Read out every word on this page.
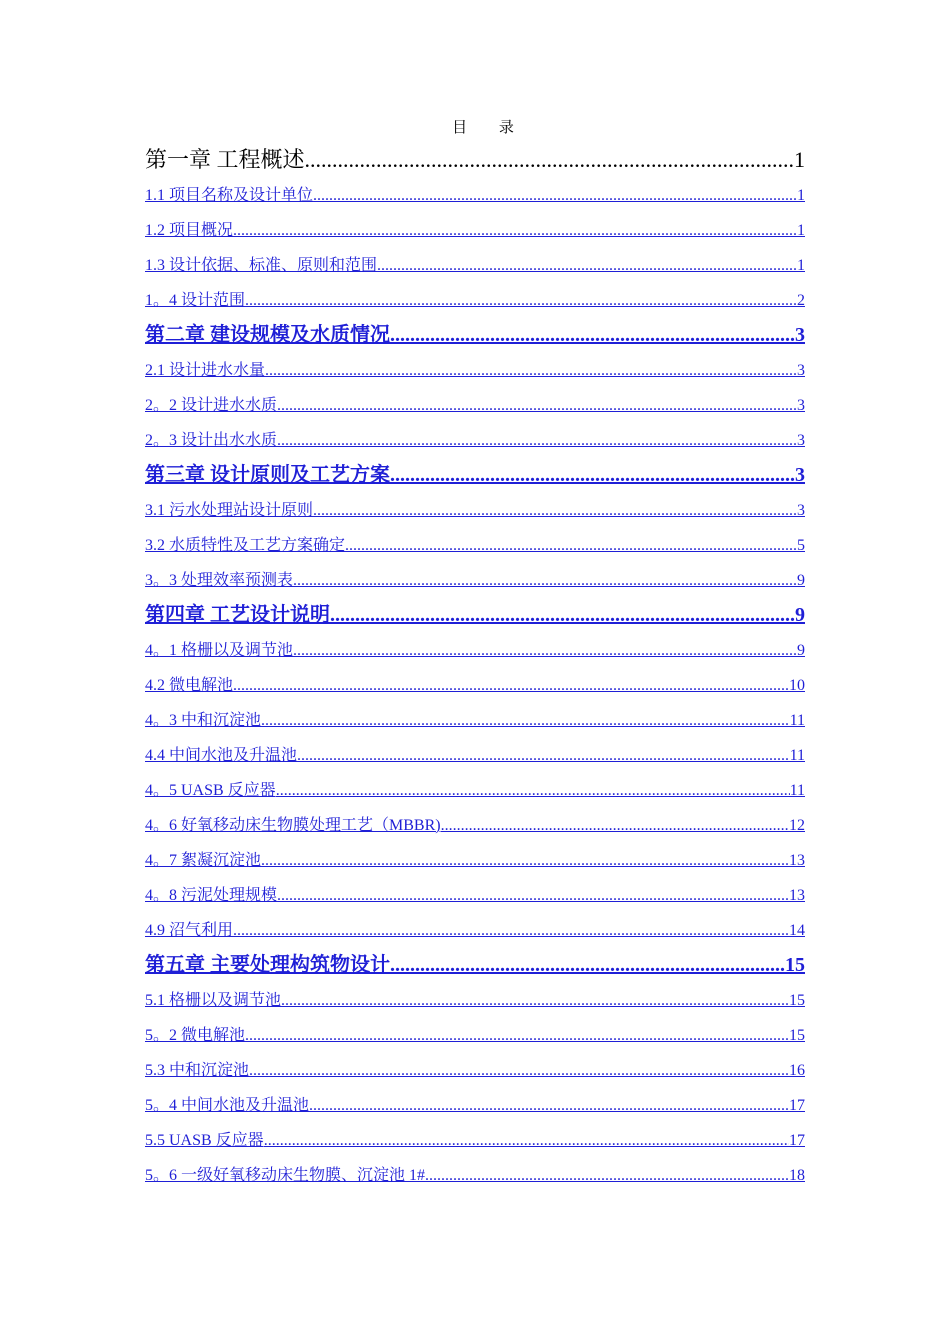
目 录
第一章 工程概述 .....	1
1.1 项目名称及设计单位 .....	1
1.2 项目概况 .....	1
1.3 设计依据、标准、原则和范围 .....	1
1。4 设计范围 .....	2
第二章 建设规模及水质情况 .....	3
2.1 设计进水水量 .....	3
2。2 设计进水水质 .....	3
2。3 设计出水水质 .....	3
第三章 设计原则及工艺方案 .....	3
3.1 污水处理站设计原则 .....	3
3.2 水质特性及工艺方案确定 .....	5
3。3 处理效率预测表 .....	9
第四章 工艺设计说明 .....	9
4。1 格栅以及调节池 .....	9
4.2 微电解池 .....	10
4。3 中和沉淀池 .....	11
4.4 中间水池及升温池 .....	11
4。5 UASB 反应器 .....	11
4。6 好氧移动床生物膜处理工艺（MBBR) .....	12
4。7 絮凝沉淀池 .....	13
4。8 污泥处理规模 .....	13
4.9 沼气利用 .....	14
第五章 主要处理构筑物设计 .....	15
5.1 格栅以及调节池 .....	15
5。2 微电解池 .....	15
5.3 中和沉淀池 .....	16
5。4 中间水池及升温池 .....	17
5.5 UASB 反应器 .....	17
5。6 一级好氧移动床生物膜、沉淀池 1# .....	18
